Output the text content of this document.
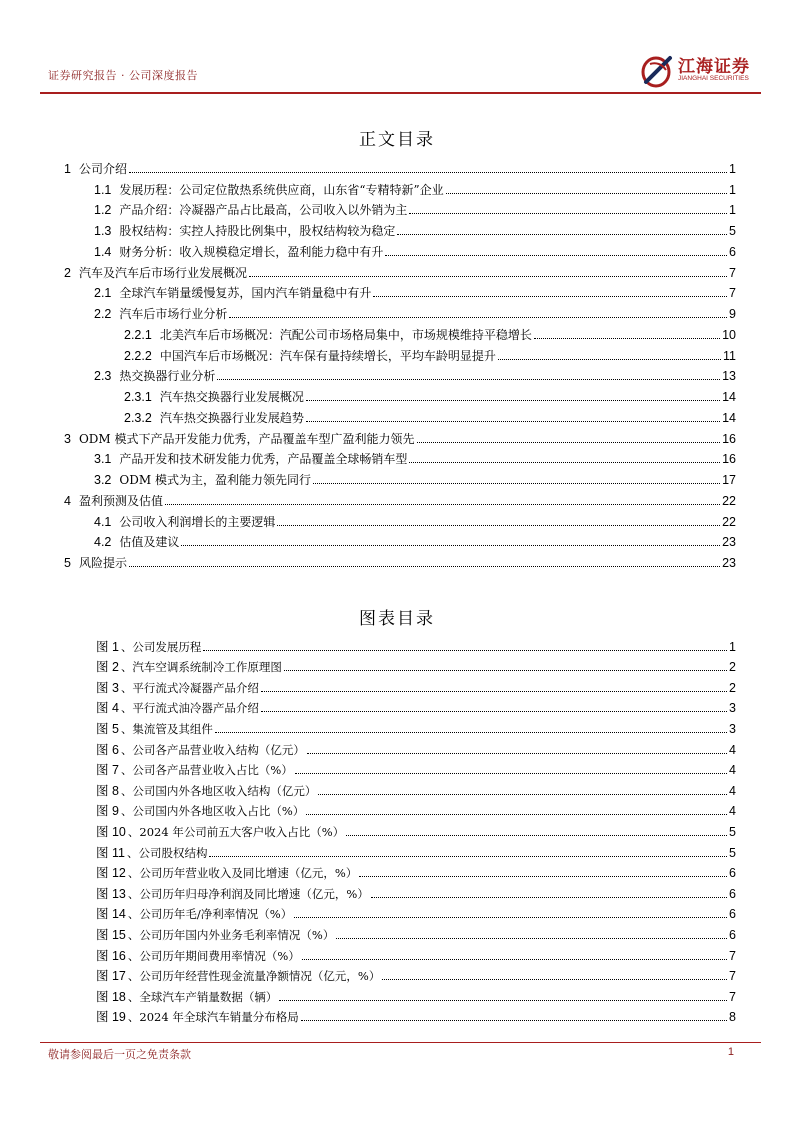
证券研究报告 · 公司深度报告	江海证券
JIANGHAI SECURITIES
正文目录
1 公司介绍	1
1.1 发展历程：公司定位散热系统供应商，山东省“专精特新”企业	1
1.2 产品介绍：冷凝器产品占比最高，公司收入以外销为主	1
1.3 股权结构：实控人持股比例集中，股权结构较为稳定	5
1.4 财务分析：收入规模稳定增长，盈利能力稳中有升	6
2 汽车及汽车后市场行业发展概况	7
2.1 全球汽车销量缓慢复苏，国内汽车销量稳中有升	7
2.2 汽车后市场行业分析	9
2.2.1 北美汽车后市场概况：汽配公司市场格局集中，市场规模维持平稳增长	10
2.2.2 中国汽车后市场概况：汽车保有量持续增长，平均车龄明显提升	11
2.3 热交换器行业分析	13
2.3.1 汽车热交换器行业发展概况	14
2.3.2 汽车热交换器行业发展趋势	14
3 ODM 模式下产品开发能力优秀，产品覆盖车型广盈利能力领先	16
3.1 产品开发和技术研发能力优秀，产品覆盖全球畅销车型	16
3.2 ODM 模式为主，盈利能力领先同行	17
4 盈利预测及估值	22
4.1 公司收入利润增长的主要逻辑	22
4.2 估值及建议	23
5 风险提示	23
图表目录
图 1 、公司发展历程	1
图 2 、汽车空调系统制冷工作原理图	2
图 3 、平行流式冷凝器产品介绍	2
图 4 、平行流式油冷器产品介绍	3
图 5 、集流管及其组件	3
图 6 、公司各产品营业收入结构（亿元）	4
图 7 、公司各产品营业收入占比（%）	4
图 8 、公司国内外各地区收入结构（亿元）	4
图 9 、公司国内外各地区收入占比（%）	4
图 10 、2024 年公司前五大客户收入占比（%）	5
图 11 、公司股权结构	5
图 12 、公司历年营业收入及同比增速（亿元，%）	6
图 13 、公司历年归母净利润及同比增速（亿元，%）	6
图 14 、公司历年毛/净利率情况（%）	6
图 15 、公司历年国内外业务毛利率情况（%）	6
图 16 、公司历年期间费用率情况（%）	7
图 17 、公司历年经营性现金流量净额情况（亿元，%）	7
图 18 、全球汽车产销量数据（辆）	7
图 19 、2024 年全球汽车销量分布格局	8
敬请参阅最后一页之免责条款	1
